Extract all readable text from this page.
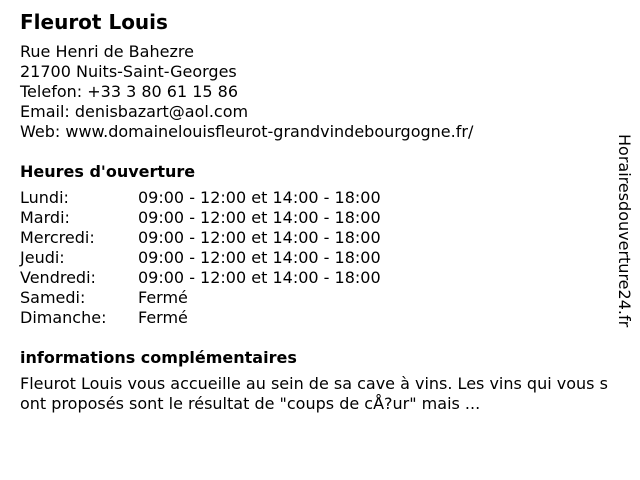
Fleurot Louis
Rue Henri de Bahezre
21700 Nuits-Saint-Georges
Telefon: +33 3 80 61 15 86
Email: denisbazart@aol.com
Web: www.domainelouisfleurot-grandvindebourgogne.fr/
Heures d'ouverture
Lundi:	09:00 - 12:00 et 14:00 - 18:00
Mardi:	09:00 - 12:00 et 14:00 - 18:00
Mercredi:	09:00 - 12:00 et 14:00 - 18:00
Jeudi:	09:00 - 12:00 et 14:00 - 18:00
Vendredi:	09:00 - 12:00 et 14:00 - 18:00
Samedi:	Fermé
Dimanche:	Fermé
informations complémentaires
Fleurot Louis vous accueille au sein de sa cave à vins. Les vins qui vous sont proposés sont le résultat de "coups de cÅ?ur" mais ...
Horairesdouverture24.fr
